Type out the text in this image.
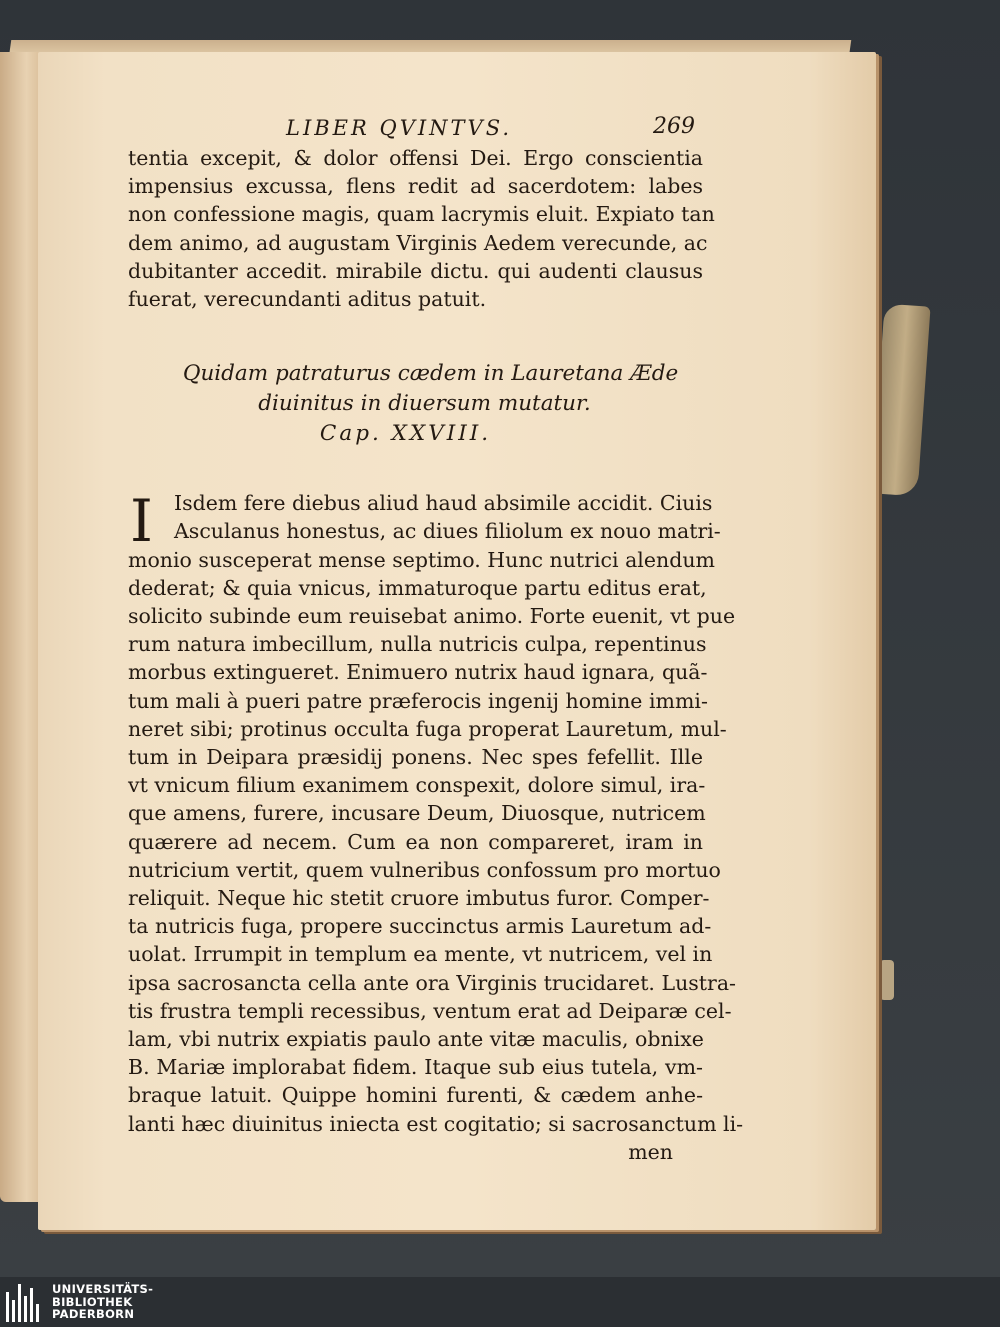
LIBER QVINTVS.	269
tentia excepit, & dolor offensi Dei. Ergo conscientia
impensius excussa, flens redit ad sacerdotem: labes
non confessione magis, quam lacrymis eluit. Expiato tan
dem animo, ad augustam Virginis Aedem verecunde, ac
dubitanter accedit. mirabile dictu. qui audenti clausus
fuerat, verecundanti aditus patuit.
Quidam patraturus cædem in Lauretana Æde
diuinitus in diuersum mutatur.
Cap. XXVIII.
I	Isdem fere diebus aliud haud absimile accidit. Ciuis
Asculanus honestus, ac diues filiolum ex nouo matri-
monio susceperat mense septimo. Hunc nutrici alendum
dederat; & quia vnicus, immaturoque partu editus erat,
solicito subinde eum reuisebat animo. Forte euenit, vt pue
rum natura imbecillum, nulla nutricis culpa, repentinus
morbus extingueret. Enimuero nutrix haud ignara, quã-
tum mali à pueri patre præferocis ingenij homine immi-
neret sibi; protinus occulta fuga properat Lauretum, mul-
tum in Deipara præsidij ponens. Nec spes fefellit. Ille
vt vnicum filium exanimem conspexit, dolore simul, ira-
que amens, furere, incusare Deum, Diuosque, nutricem
quærere ad necem. Cum ea non compareret, iram in
nutricium vertit, quem vulneribus confossum pro mortuo
reliquit. Neque hic stetit cruore imbutus furor. Comper-
ta nutricis fuga, propere succinctus armis Lauretum ad-
uolat. Irrumpit in templum ea mente, vt nutricem, vel in
ipsa sacrosancta cella ante ora Virginis trucidaret. Lustra-
tis frustra templi recessibus, ventum erat ad Deiparæ cel-
lam, vbi nutrix expiatis paulo ante vitæ maculis, obnixe
B. Mariæ implorabat fidem. Itaque sub eius tutela, vm-
braque latuit. Quippe homini furenti, & cædem anhe-
lanti hæc diuinitus iniecta est cogitatio; si sacrosanctum li-
men
UNIVERSITÄTS-
BIBLIOTHEK
PADERBORN
